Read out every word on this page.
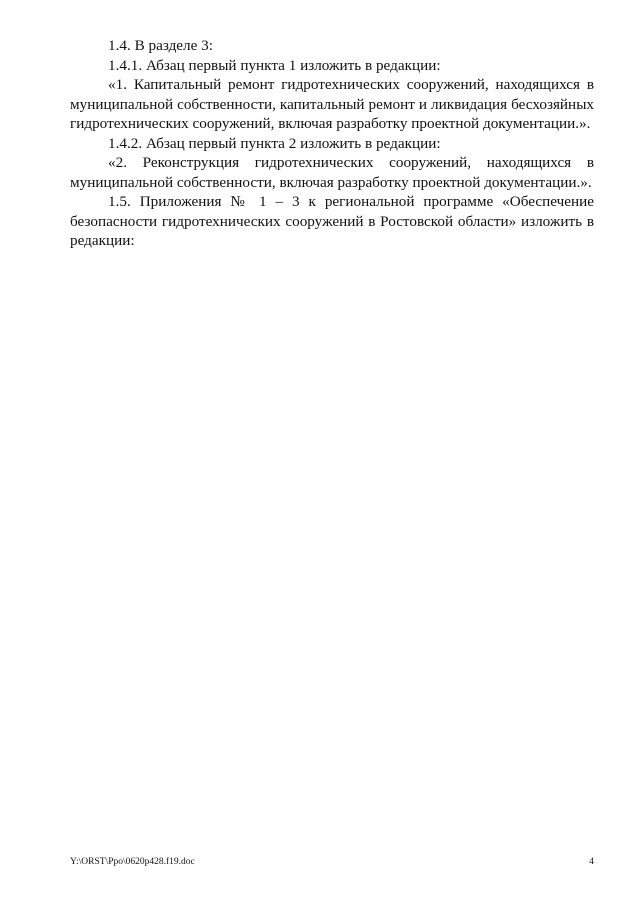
1.4. В разделе 3:

1.4.1. Абзац первый пункта 1 изложить в редакции:

«1. Капитальный ремонт гидротехнических сооружений, находящихся в муниципальной собственности, капитальный ремонт и ликвидация бесхозяйных гидротехнических сооружений, включая разработку проектной документации.».

1.4.2. Абзац первый пункта 2 изложить в редакции:

«2. Реконструкция гидротехнических сооружений, находящихся в муниципальной собственности, включая разработку проектной документации.».

1.5. Приложения № 1 – 3 к региональной программе «Обеспечение безопасности гидротехнических сооружений в Ростовской области» изложить в редакции:

Y:\ORST\Ppo\0620p428.f19.doc	4
